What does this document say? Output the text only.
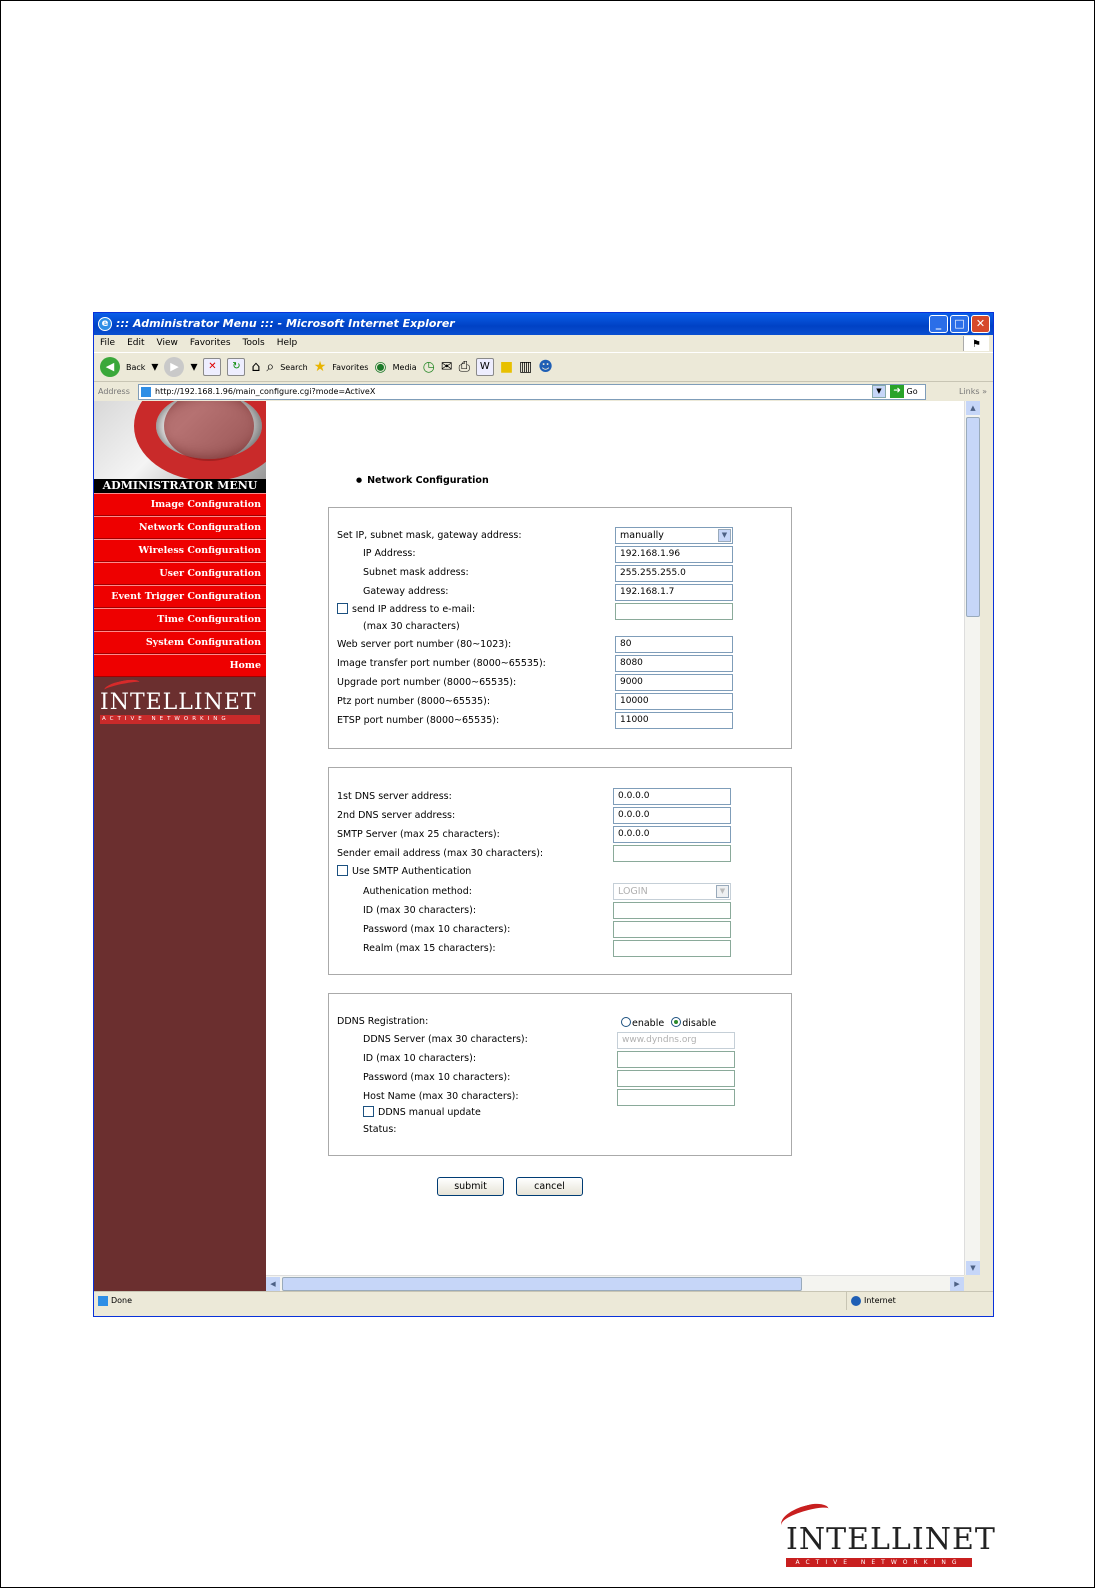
e ::: Administrator Menu ::: - Microsoft Internet Explorer	_	□	✕
File Edit View Favorites Tools Help	⚑
◀	Back ▾	▶ ▾	✕	↻ ⌂ ⌕ Search ★ Favorites ◉ Media ◷ ✉ ⎙	W ■ ▥ ☻
Address	http://192.168.1.96/main_configure.cgi?mode=ActiveX	▼	➜ Go	Links »
ADMINISTRATOR MENU
Image Configuration
Network Configuration
Wireless Configuration
User Configuration
Event Trigger Configuration
Time Configuration
System Configuration
Home
INTELLINET
ACTIVE NETWORKING
● Network Configuration
Set IP, subnet mask, gateway address:	manually	▼
IP Address:	192.168.1.96
Subnet mask address:	255.255.255.0
Gateway address:	192.168.1.7
send IP address to e-mail:
(max 30 characters)
Web server port number (80~1023):	80
Image transfer port number (8000~65535):	8080
Upgrade port number (8000~65535):	9000
Ptz port number (8000~65535):	10000
ETSP port number (8000~65535):	11000
1st DNS server address:	0.0.0.0
2nd DNS server address:	0.0.0.0
SMTP Server (max 25 characters):	0.0.0.0
Sender email address (max 30 characters):
Use SMTP Authentication
Authenication method:	LOGIN	▼
ID (max 30 characters):
Password (max 10 characters):
Realm (max 15 characters):
DDNS Registration:	enable disable
DDNS Server (max 30 characters):	www.dyndns.org
ID (max 10 characters):
Password (max 10 characters):
Host Name (max 30 characters):
DDNS manual update
Status:
submit	cancel
▲
▼
◀	▶
Done	Internet
INTELLINET
ACTIVE NETWORKING
